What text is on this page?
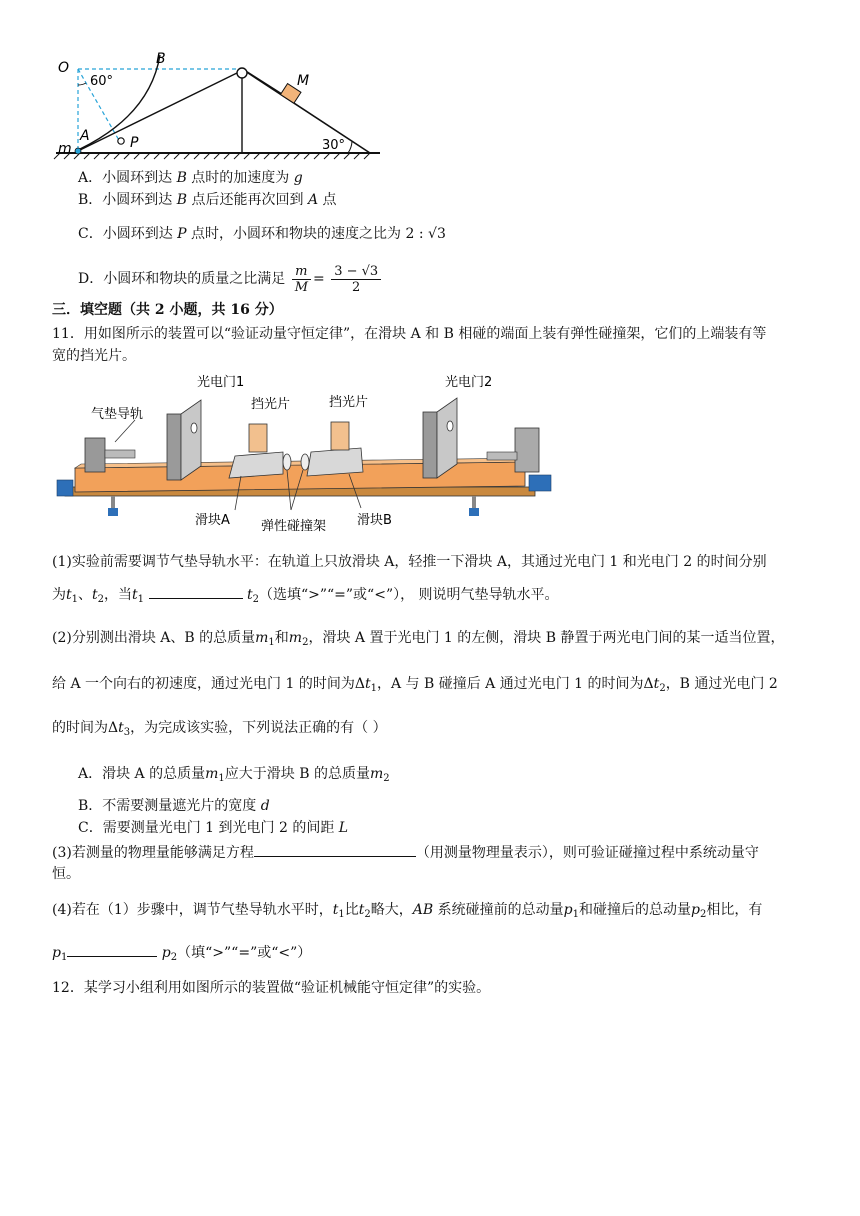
O
60°
B
M
A	P
m	30°
A．小圆环到达 B 点时的加速度为 g
B．小圆环到达 B 点后还能再次回到 A 点
C．小圆环到达 P 点时，小圆环和物块的速度之比为 2 : √3
D．小圆环和物块的质量之比满足 $\frac{m}{M} = \frac{3 - √3}{2}$
三．填空题（共 2 小题，共 16 分）
11．用如图所示的装置可以“验证动量守恒定律”，在滑块 A 和 B 相碰的端面上装有弹性碰撞架，它们的上端装有等
宽的挡光片。
光电门1	光电门2
气垫导轨
挡光片	挡光片
滑块A 弹性碰撞架 滑块B
(1)实验前需要调节气垫导轨水平：在轨道上只放滑块 A，轻推一下滑块 A，其通过光电门 1 和光电门 2 的时间分别
为$t_1$、$t_2$，当$t_1$	$t_2$（选填“>”“=”或“<”）， 则说明气垫导轨水平。
(2)分别测出滑块 A、B 的总质量$m_1$和$m_2$，滑块 A 置于光电门 1 的左侧，滑块 B 静置于两光电门间的某一适当位置，
给 A 一个向右的初速度，通过光电门 1 的时间为$\Delta t_1$，A 与 B 碰撞后 A 通过光电门 1 的时间为$\Delta t_2$，B 通过光电门 2
的时间为$\Delta t_3$，为完成该实验，下列说法正确的有（ ）
A．滑块 A 的总质量$m_1$应大于滑块 B 的总质量$m_2$
B．不需要测量遮光片的宽度 d
C．需要测量光电门 1 到光电门 2 的间距 L
(3)若测量的物理量能够满足方程	（用测量物理量表示），则可验证碰撞过程中系统动量守
恒。
(4)若在（1）步骤中，调节气垫导轨水平时，$t_1$比$t_2$略大，AB 系统碰撞前的总动量$p_1$和碰撞后的总动量$p_2$相比，有
$p_1$	$p_2$（填“>”“=”或“<”）
12．某学习小组利用如图所示的装置做“验证机械能守恒定律”的实验。
